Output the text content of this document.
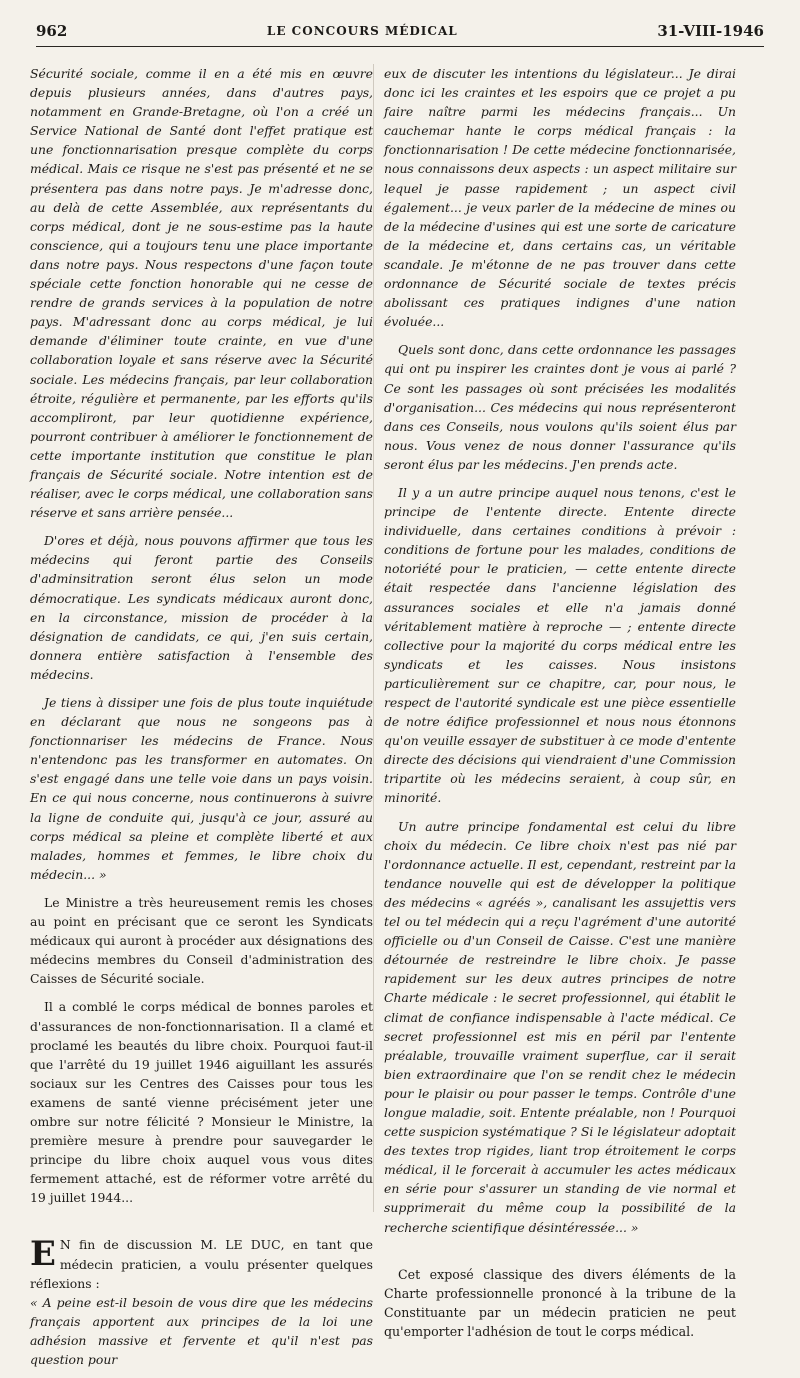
962	LE CONCOURS MÉDICAL	31-VIII-1946

Sécurité sociale, comme il en a été mis en œuvre depuis plusieurs années, dans d'autres pays, notamment en Grande-Bretagne, où l'on a créé un Service National de Santé dont l'effet pratique est une fonctionnarisation presque complète du corps médical. Mais ce risque ne s'est pas présenté et ne se présentera pas dans notre pays. Je m'adresse donc, au delà de cette Assemblée, aux représentants du corps médical, dont je ne sous-estime pas la haute conscience, qui a toujours tenu une place importante dans notre pays. Nous respectons d'une façon toute spéciale cette fonction honorable qui ne cesse de rendre de grands services à la population de notre pays. M'adressant donc au corps médical, je lui demande d'éliminer toute crainte, en vue d'une collaboration loyale et sans réserve avec la Sécurité sociale. Les médecins français, par leur collaboration étroite, régulière et permanente, par les efforts qu'ils accompliront, par leur quotidienne expérience, pourront contribuer à améliorer le fonctionnement de cette importante institution que constitue le plan français de Sécurité sociale. Notre intention est de réaliser, avec le corps médical, une collaboration sans réserve et sans arrière pensée...

D'ores et déjà, nous pouvons affirmer que tous les médecins qui feront partie des Conseils d'adminsitration seront élus selon un mode démocratique. Les syndicats médicaux auront donc, en la circonstance, mission de procéder à la désignation de candidats, ce qui, j'en suis certain, donnera entière satisfaction à l'ensemble des médecins.

Je tiens à dissiper une fois de plus toute inquiétude en déclarant que nous ne songeons pas à fonctionnariser les médecins de France. Nous n'entendonc pas les transformer en automates. On s'est engagé dans une telle voie dans un pays voisin. En ce qui nous concerne, nous continuerons à suivre la ligne de conduite qui, jusqu'à ce jour, assuré au corps médical sa pleine et complète liberté et aux malades, hommes et femmes, le libre choix du médecin... »

Le Ministre a très heureusement remis les choses au point en précisant que ce seront les Syndicats médicaux qui auront à procéder aux désignations des médecins membres du Conseil d'administration des Caisses de Sécurité sociale.

Il a comblé le corps médical de bonnes paroles et d'assurances de non-fonctionnarisation. Il a clamé et proclamé les beautés du libre choix. Pourquoi faut-il que l'arrêté du 19 juillet 1946 aiguillant les assurés sociaux sur les Centres des Caisses pour tous les examens de santé vienne précisément jeter une ombre sur notre félicité ? Monsieur le Ministre, la première mesure à prendre pour sauvegarder le principe du libre choix auquel vous vous dites fermement attaché, est de réformer votre arrêté du 19 juillet 1944...

E N fin de discussion M. LE DUC, en tant que médecin praticien, a voulu présenter quelques réflexions :
« A peine est-il besoin de vous dire que les médecins français apportent aux principes de la loi une adhésion massive et fervente et qu'il n'est pas question pour

eux de discuter les intentions du législateur... Je dirai donc ici les craintes et les espoirs que ce projet a pu faire naître parmi les médecins français... Un cauchemar hante le corps médical français : la fonctionnarisation ! De cette médecine fonctionnarisée, nous connaissons deux aspects : un aspect militaire sur lequel je passe rapidement ; un aspect civil également... je veux parler de la médecine de mines ou de la médecine d'usines qui est une sorte de caricature de la médecine et, dans certains cas, un véritable scandale. Je m'étonne de ne pas trouver dans cette ordonnance de Sécurité sociale de textes précis abolissant ces pratiques indignes d'une nation évoluée...

Quels sont donc, dans cette ordonnance les passages qui ont pu inspirer les craintes dont je vous ai parlé ? Ce sont les passages où sont précisées les modalités d'organisation... Ces médecins qui nous représenteront dans ces Conseils, nous voulons qu'ils soient élus par nous. Vous venez de nous donner l'assurance qu'ils seront élus par les médecins. J'en prends acte.

Il y a un autre principe auquel nous tenons, c'est le principe de l'entente directe. Entente directe individuelle, dans certaines conditions à prévoir : conditions de fortune pour les malades, conditions de notoriété pour le praticien, — cette entente directe était respectée dans l'ancienne législation des assurances sociales et elle n'a jamais donné véritablement matière à reproche — ; entente directe collective pour la majorité du corps médical entre les syndicats et les caisses. Nous insistons particulièrement sur ce chapitre, car, pour nous, le respect de l'autorité syndicale est une pièce essentielle de notre édifice professionnel et nous nous étonnons qu'on veuille essayer de substituer à ce mode d'entente directe des décisions qui viendraient d'une Commission tripartite où les médecins seraient, à coup sûr, en minorité.

Un autre principe fondamental est celui du libre choix du médecin. Ce libre choix n'est pas nié par l'ordonnance actuelle. Il est, cependant, restreint par la tendance nouvelle qui est de développer la politique des médecins « agréés », canalisant les assujettis vers tel ou tel médecin qui a reçu l'agrément d'une autorité officielle ou d'un Conseil de Caisse. C'est une manière détournée de restreindre le libre choix. Je passe rapidement sur les deux autres principes de notre Charte médicale : le secret professionnel, qui établit le climat de confiance indispensable à l'acte médical. Ce secret professionnel est mis en péril par l'entente préalable, trouvaille vraiment superflue, car il serait bien extraordinaire que l'on se rendit chez le médecin pour le plaisir ou pour passer le temps. Contrôle d'une longue maladie, soit. Entente préalable, non ! Pourquoi cette suspicion systématique ? Si le législateur adoptait des textes trop rigides, liant trop étroitement le corps médical, il le forcerait à accumuler les actes médicaux en série pour s'assurer un standing de vie normal et supprimerait du même coup la possibilité de la recherche scientifique désintéressée... »

Cet exposé classique des divers éléments de la Charte professionnelle prononcé à la tribune de la Constituante par un médecin praticien ne peut qu'emporter l'adhésion de tout le corps médical.
